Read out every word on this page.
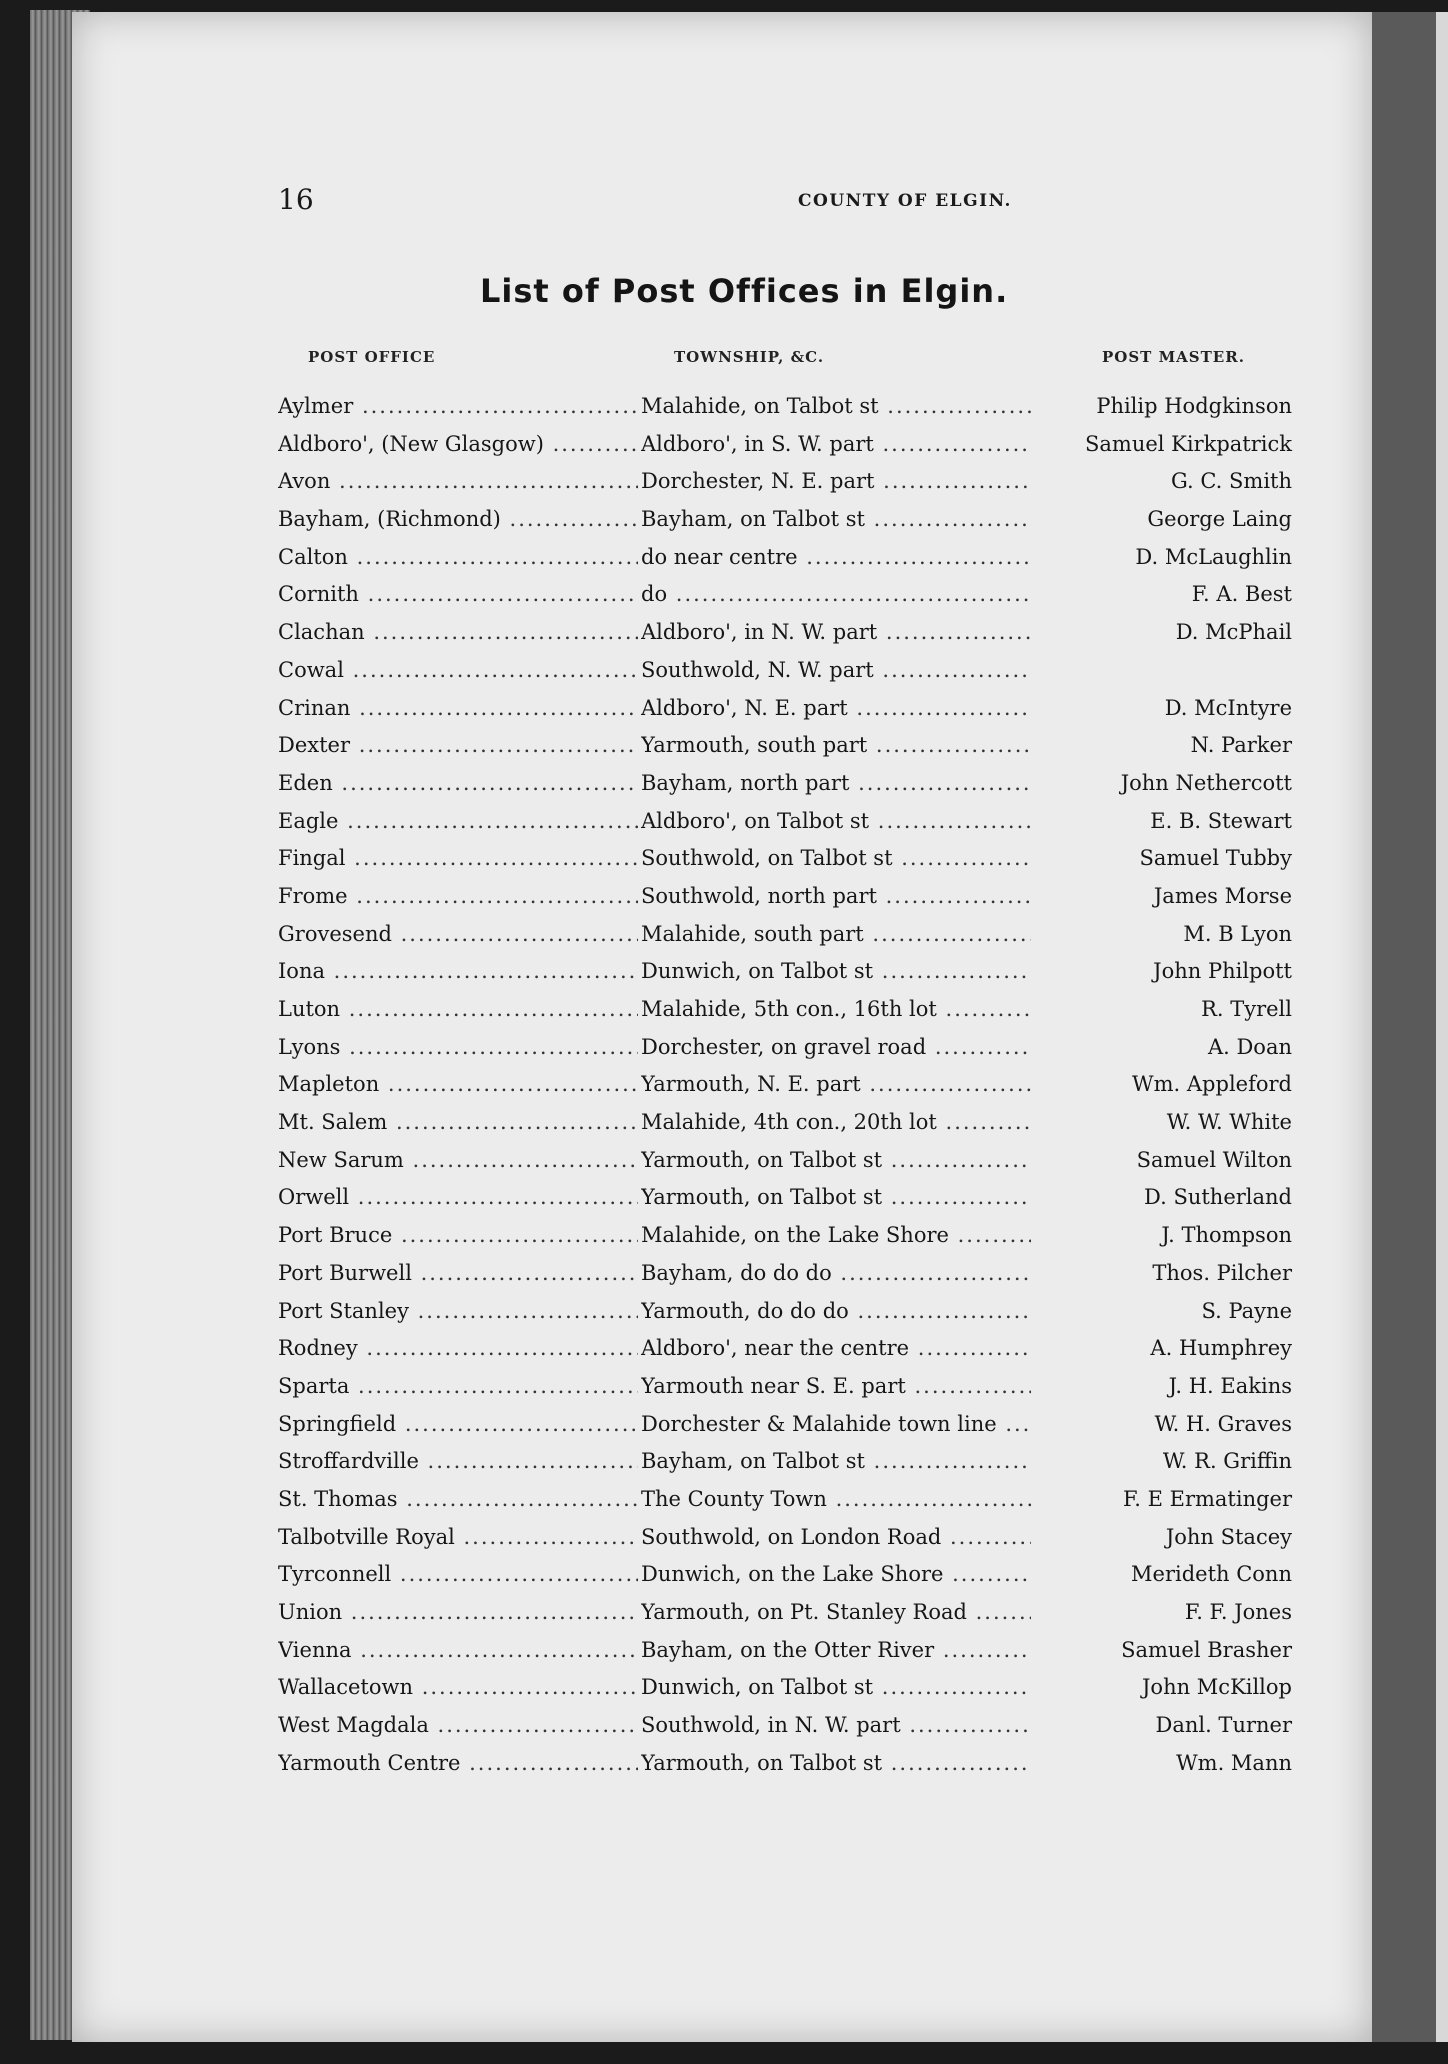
16	COUNTY OF ELGIN.
List of Post Offices in Elgin.
POST OFFICE	TOWNSHIP, &C.	POST MASTER.
Aylmer .....	Malahide, on Talbot st .....	Philip Hodgkinson
Aldboro', (New Glasgow) .....	Aldboro', in S. W. part .....	Samuel Kirkpatrick
Avon .....	Dorchester, N. E. part .....	G. C. Smith
Bayham, (Richmond) .....	Bayham, on Talbot st .....	George Laing
Calton .....	do near centre .....	D. McLaughlin
Cornith .....	do .....	F. A. Best
Clachan .....	Aldboro', in N. W. part .....	D. McPhail
Cowal .....	Southwold, N. W. part .....
Crinan .....	Aldboro', N. E. part .....	D. McIntyre
Dexter .....	Yarmouth, south part .....	N. Parker
Eden .....	Bayham, north part .....	John Nethercott
Eagle .....	Aldboro', on Talbot st .....	E. B. Stewart
Fingal .....	Southwold, on Talbot st .....	Samuel Tubby
Frome .....	Southwold, north part .....	James Morse
Grovesend .....	Malahide, south part .....	M. B Lyon
Iona .....	Dunwich, on Talbot st .....	John Philpott
Luton .....	Malahide, 5th con., 16th lot .....	R. Tyrell
Lyons .....	Dorchester, on gravel road .....	A. Doan
Mapleton .....	Yarmouth, N. E. part .....	Wm. Appleford
Mt. Salem .....	Malahide, 4th con., 20th lot .....	W. W. White
New Sarum .....	Yarmouth, on Talbot st .....	Samuel Wilton
Orwell .....	Yarmouth, on Talbot st .....	D. Sutherland
Port Bruce .....	Malahide, on the Lake Shore .....	J. Thompson
Port Burwell .....	Bayham, do do do .....	Thos. Pilcher
Port Stanley .....	Yarmouth, do do do .....	S. Payne
Rodney .....	Aldboro', near the centre .....	A. Humphrey
Sparta .....	Yarmouth near S. E. part .....	J. H. Eakins
Springfield .....	Dorchester & Malahide town line .....	W. H. Graves
Stroffardville .....	Bayham, on Talbot st .....	W. R. Griffin
St. Thomas .....	The County Town .....	F. E Ermatinger
Talbotville Royal .....	Southwold, on London Road .....	John Stacey
Tyrconnell .....	Dunwich, on the Lake Shore .....	Merideth Conn
Union .....	Yarmouth, on Pt. Stanley Road .....	F. F. Jones
Vienna .....	Bayham, on the Otter River .....	Samuel Brasher
Wallacetown .....	Dunwich, on Talbot st .....	John McKillop
West Magdala .....	Southwold, in N. W. part .....	Danl. Turner
Yarmouth Centre .....	Yarmouth, on Talbot st .....	Wm. Mann
